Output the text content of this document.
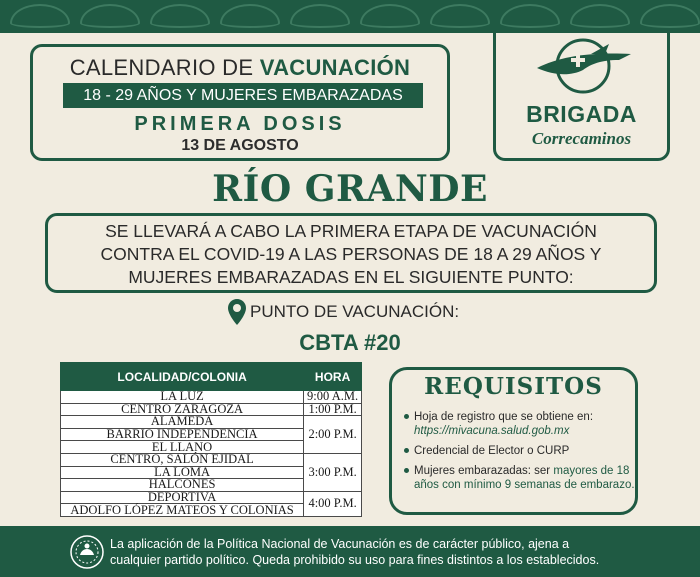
CALENDARIO DE VACUNACIÓN
18 - 29 AÑOS Y MUJERES EMBARAZADAS
PRIMERA DOSIS
13 DE AGOSTO
BRIGADA
Correcaminos
RÍO GRANDE
SE LLEVARÁ A CABO LA PRIMERA ETAPA DE VACUNACIÓN
CONTRA EL COVID-19 A LAS PERSONAS DE 18 A 29 AÑOS Y
MUJERES EMBARAZADAS EN EL SIGUIENTE PUNTO:
PUNTO DE VACUNACIÓN:
CBTA #20
LOCALIDAD/COLONIA	HORA
LA LUZ	9:00 A.M.
CENTRO ZARAGOZA	1:00 P.M.
ALAMEDA	2:00 P.M.
BARRIO INDEPENDENCIA	
EL LLANO	
CENTRO, SALÓN EJIDAL	3:00 P.M.
LA LOMA	
HALCONES	
DEPORTIVA	4:00 P.M.
ADOLFO LÓPEZ MATEOS Y COLONIAS	
REQUISITOS
Hoja de registro que se obtiene en: https://mivacuna.salud.gob.mx
Credencial de Elector o CURP
Mujeres embarazadas: ser mayores de 18 años con mínimo 9 semanas de embarazo.
La aplicación de la Política Nacional de Vacunación es de carácter público, ajena a
cualquier partido político. Queda prohibido su uso para fines distintos a los establecidos.
